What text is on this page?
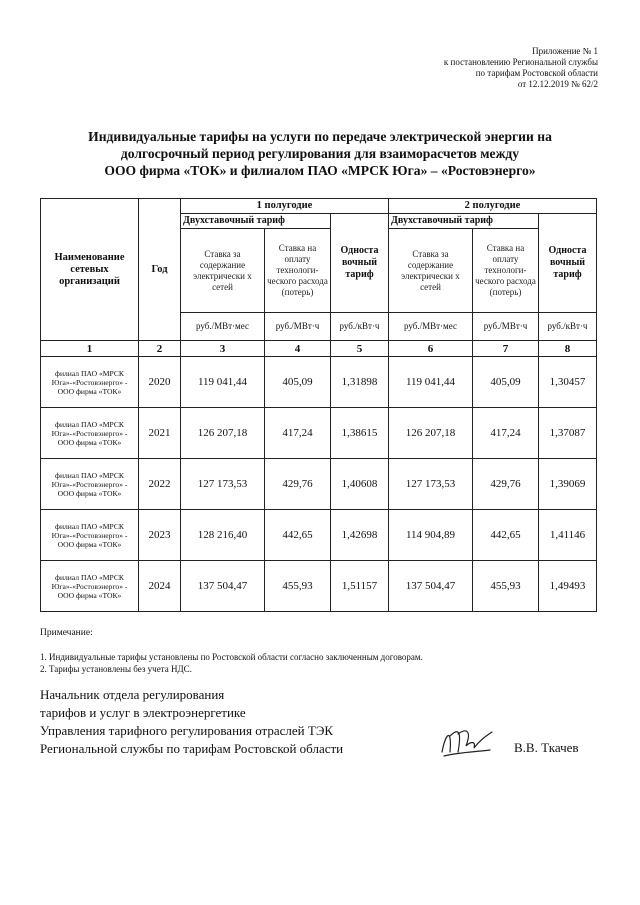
Приложение № 1
к постановлению Региональной службы
по тарифам Ростовской области
от 12.12.2019 № 62/2
Индивидуальные тарифы на услуги по передаче электрической энергии на
долгосрочный период регулирования для взаиморасчетов между
ООО фирма «ТОК» и филиалом ПАО «МРСК Юга» – «Ростовэнерго»
Наименование сетевых организаций	Год	1 полугодие			2 полугодие		
		Двухставочный тариф		Односта вочный тариф	Двухставочный тариф		Односта вочный тариф
		Ставка за содержание электрически х сетей	Ставка на оплату технологи-ческого расхода (потерь)		Ставка за содержание электрически х сетей	Ставка на оплату технологи-ческого расхода (потерь)	
		руб./МВт·мес	руб./МВт·ч	руб./кВт·ч	руб./МВт·мес	руб./МВт·ч	руб./кВт·ч
1	2	3	4	5	6	7	8
филиал ПАО «МРСК Юга»-«Ростовэнерго» - ООО фирма «ТОК»	2020	119 041,44	405,09	1,31898	119 041,44	405,09	1,30457
филиал ПАО «МРСК Юга»-«Ростовэнерго» - ООО фирма «ТОК»	2021	126 207,18	417,24	1,38615	126 207,18	417,24	1,37087
филиал ПАО «МРСК Юга»-«Ростовэнерго» - ООО фирма «ТОК»	2022	127 173,53	429,76	1,40608	127 173,53	429,76	1,39069
филиал ПАО «МРСК Юга»-«Ростовэнерго» - ООО фирма «ТОК»	2023	128 216,40	442,65	1,42698	114 904,89	442,65	1,41146
филиал ПАО «МРСК Юга»-«Ростовэнерго» - ООО фирма «ТОК»	2024	137 504,47	455,93	1,51157	137 504,47	455,93	1,49493
Примечание:
1. Индивидуальные тарифы установлены по Ростовской области согласно заключенным договорам.
2. Тарифы установлены без учета НДС.
Начальник отдела регулирования
тарифов и услуг в электроэнергетике
Управления тарифного регулирования отраслей ТЭК
Региональной службы по тарифам Ростовской области	В.В. Ткачев
